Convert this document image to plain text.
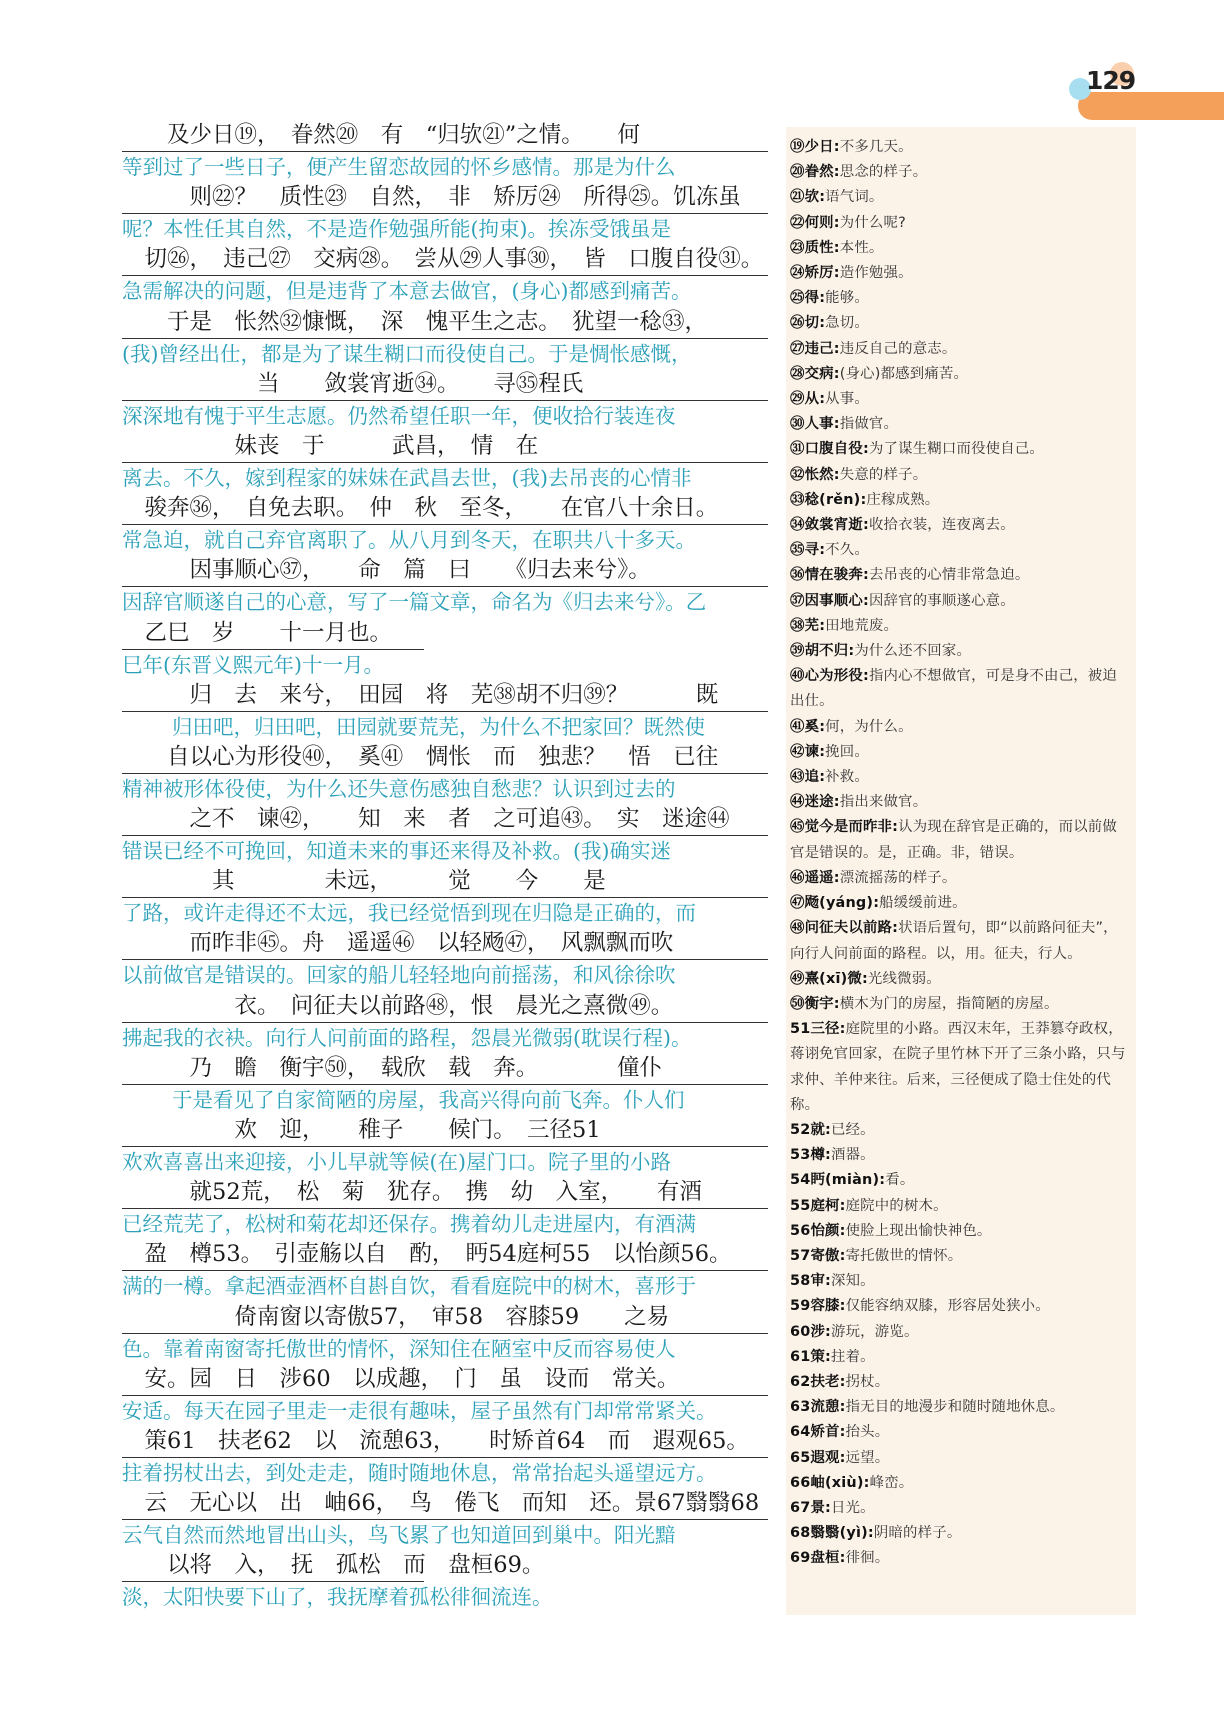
129
　　及少日⑲，　眷然⑳　有　“归欤㉑”之情。　　何
等到过了一些日子，便产生留恋故园的怀乡感情。那是为什么
　　　则㉒？　质性㉓　自然，　非　矫厉㉔　所得㉕。饥冻虽
呢？本性任其自然，不是造作勉强所能(拘束)。挨冻受饿虽是
　切㉖，　违己㉗　交病㉘。　尝从㉙人事㉚，　皆　口腹自役㉛。
急需解决的问题，但是违背了本意去做官，(身心)都感到痛苦。
　　于是　怅然㉜慷慨，　深　愧平生之志。　犹望一稔㉝，
(我)曾经出仕，都是为了谋生糊口而役使自己。于是惆怅感慨，
　　　　　　当　　敛裳宵逝㉞。　　寻㉟程氏
深深地有愧于平生志愿。仍然希望任职一年，便收拾行装连夜
　　　　　妹丧　于　　　武昌，　情　在
离去。不久，嫁到程家的妹妹在武昌去世，(我)去吊丧的心情非
　骏奔㊱，　自免去职。　仲　秋　至冬，　　在官八十余日。
常急迫，就自己弃官离职了。从八月到冬天，在职共八十多天。
　　　因事顺心㊲，　　命　篇　曰　　《归去来兮》。
因辞官顺遂自己的心意，写了一篇文章，命名为《归去来兮》。乙
　乙巳　岁　　十一月也。
巳年(东晋义熙元年)十一月。
　　　归　去　来兮，　田园　将　芜㊳胡不归㊴？　　　既
归田吧，归田吧，田园就要荒芜，为什么不把家回？既然使
　　自以心为形役㊵，　奚㊶　惆怅　而　独悲？　悟　已往
精神被形体役使，为什么还失意伤感独自愁悲？认识到过去的
　　　之不　谏㊷，　　知　来　者　之可追㊸。　实　迷途㊹
错误已经不可挽回，知道未来的事还来得及补救。(我)确实迷
　　　　其　　　　未远，　　　觉　　今　　是
了路，或许走得还不太远，我已经觉悟到现在归隐是正确的，而
　　　而昨非㊺。舟　遥遥㊻　以轻飏㊼，　风飘飘而吹
以前做官是错误的。回家的船儿轻轻地向前摇荡，和风徐徐吹
　　　　　衣。　问征夫以前路㊽，恨　晨光之熹微㊾。
拂起我的衣袂。向行人问前面的路程，怨晨光微弱(耽误行程)。
　　　乃　瞻　衡宇㊿，　载欣　载　奔。　　　　僮仆
于是看见了自家简陋的房屋，我高兴得向前飞奔。仆人们
　　　　　欢　迎，　　稚子　　候门。　三径51
欢欢喜喜出来迎接，小儿早就等候(在)屋门口。院子里的小路
　　　就52荒，　松　菊　犹存。　携　幼　入室，　　有酒
已经荒芜了，松树和菊花却还保存。携着幼儿走进屋内，有酒满
　盈　樽53。　引壶觞以自　酌，　眄54庭柯55　以怡颜56。
满的一樽。拿起酒壶酒杯自斟自饮，看看庭院中的树木，喜形于
　　　　　倚南窗以寄傲57，　审58　容膝59　　之易
色。靠着南窗寄托傲世的情怀，深知住在陋室中反而容易使人
　安。园　日　涉60　以成趣，　门　虽　设而　常关。
安适。每天在园子里走一走很有趣味，屋子虽然有门却常常紧关。
　策61　扶老62　以　流憩63，　　时矫首64　而　遐观65。
拄着拐杖出去，到处走走，随时随地休息，常常抬起头遥望远方。
　云　无心以　出　岫66，　鸟　倦飞　而知　还。景67翳翳68
云气自然而然地冒出山头，鸟飞累了也知道回到巢中。阳光黯
　　以将　入，　抚　孤松　而　盘桓69。
淡，太阳快要下山了，我抚摩着孤松徘徊流连。
⑲少日:不多几天。
⑳眷然:思念的样子。
㉑欤:语气词。
㉒何则:为什么呢?
㉓质性:本性。
㉔矫厉:造作勉强。
㉕得:能够。
㉖切:急切。
㉗违己:违反自己的意志。
㉘交病:(身心)都感到痛苦。
㉙从:从事。
㉚人事:指做官。
㉛口腹自役:为了谋生糊口而役使自己。
㉜怅然:失意的样子。
㉝稔(rěn):庄稼成熟。
㉞敛裳宵逝:收拾衣装，连夜离去。
㉟寻:不久。
㊱情在骏奔:去吊丧的心情非常急迫。
㊲因事顺心:因辞官的事顺遂心意。
㊳芜:田地荒废。
㊴胡不归:为什么还不回家。
㊵心为形役:指内心不想做官，可是身不由己，被迫出仕。
㊶奚:何，为什么。
㊷谏:挽回。
㊸追:补救。
㊹迷途:指出来做官。
㊺觉今是而昨非:认为现在辞官是正确的，而以前做官是错误的。是，正确。非，错误。
㊻遥遥:漂流摇荡的样子。
㊼飏(yáng):船缓缓前进。
㊽问征夫以前路:状语后置句，即“以前路问征夫”，向行人问前面的路程。以，用。征夫，行人。
㊾熹(xī)微:光线微弱。
㊿衡宇:横木为门的房屋，指简陋的房屋。
51三径:庭院里的小路。西汉末年，王莽篡夺政权，蒋诩免官回家，在院子里竹林下开了三条小路，只与求仲、羊仲来往。后来，三径便成了隐士住处的代称。
52就:已经。
53樽:酒器。
54眄(miàn):看。
55庭柯:庭院中的树木。
56怡颜:使脸上现出愉快神色。
57寄傲:寄托傲世的情怀。
58审:深知。
59容膝:仅能容纳双膝，形容居处狭小。
60涉:游玩，游览。
61策:拄着。
62扶老:拐杖。
63流憩:指无目的地漫步和随时随地休息。
64矫首:抬头。
65遐观:远望。
66岫(xiù):峰峦。
67景:日光。
68翳翳(yì):阴暗的样子。
69盘桓:徘徊。
